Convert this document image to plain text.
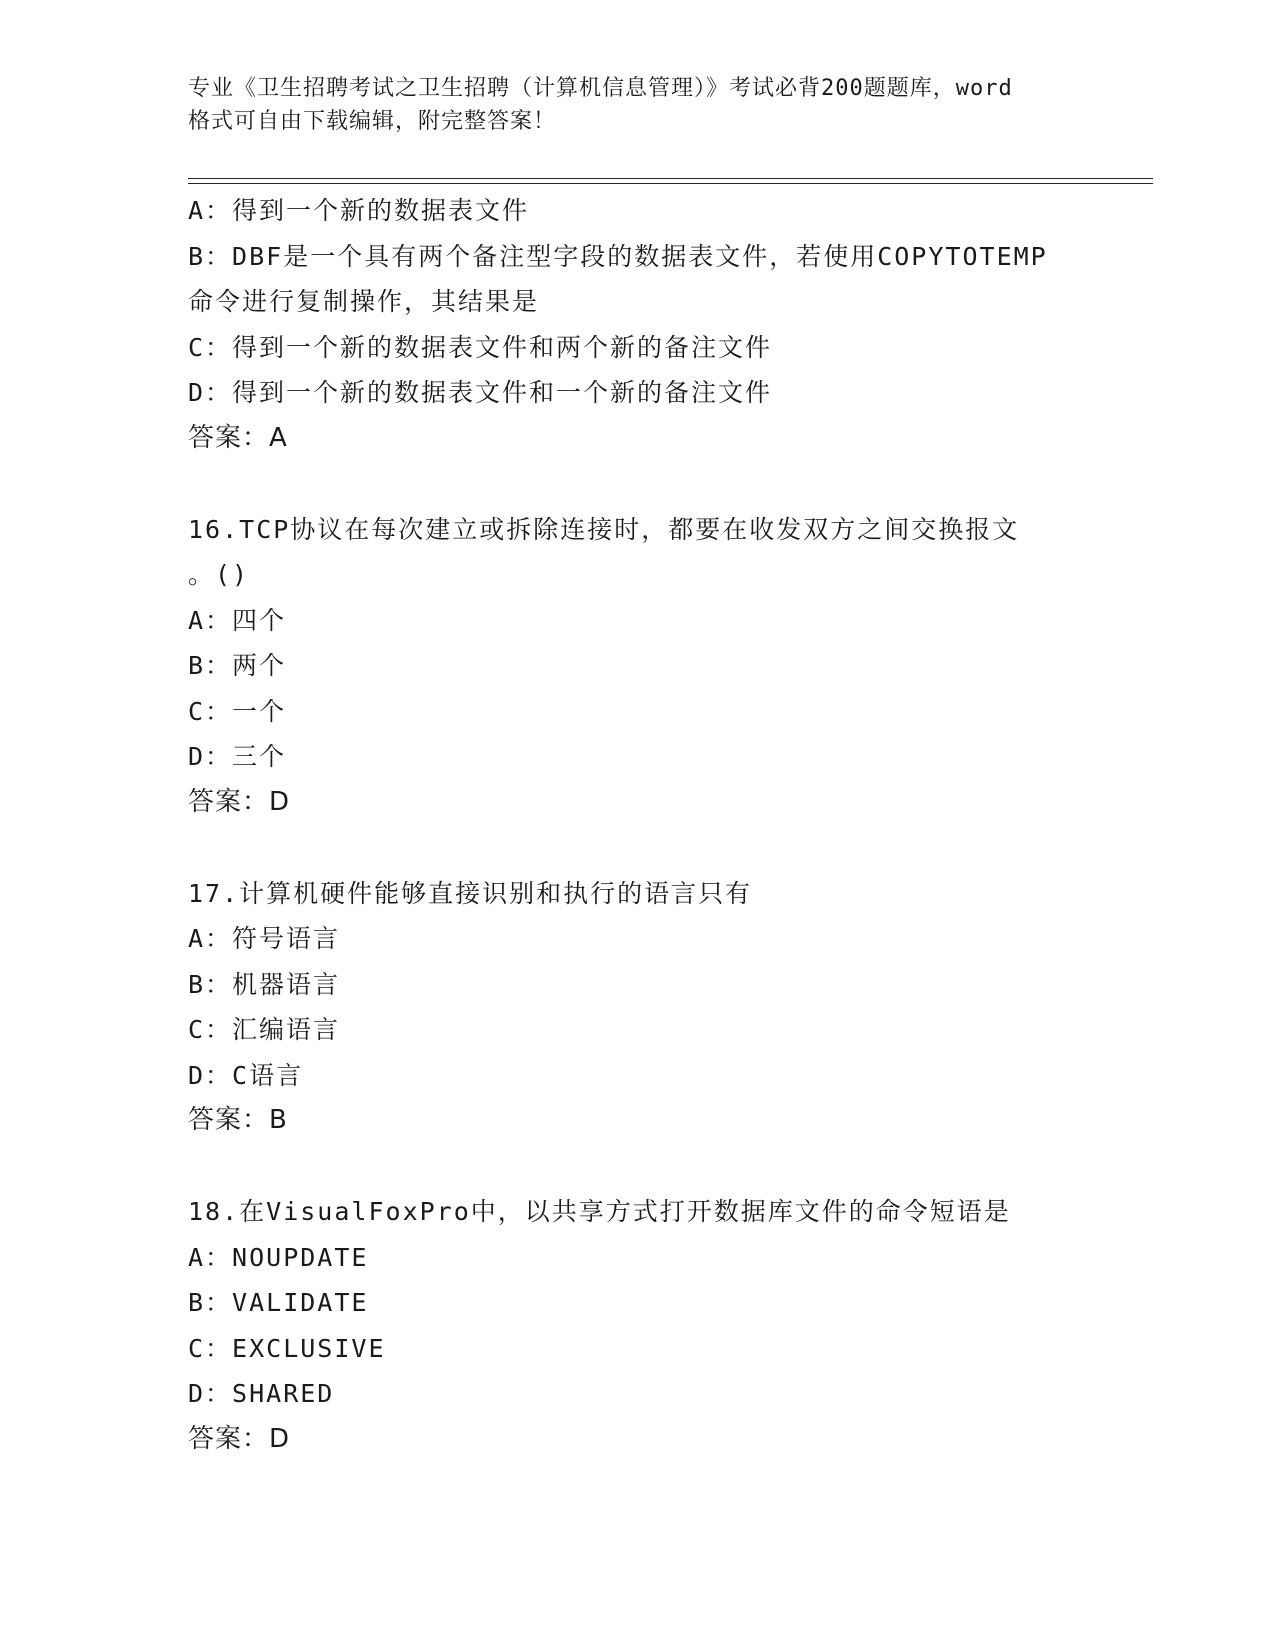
专业《卫生招聘考试之卫生招聘（计算机信息管理）》考试必背200题题库，word
格式可自由下载编辑，附完整答案！
A：得到一个新的数据表文件
B：DBF是一个具有两个备注型字段的数据表文件，若使用COPYTOTEMP
命令进行复制操作，其结果是
C：得到一个新的数据表文件和两个新的备注文件
D：得到一个新的数据表文件和一个新的备注文件
答案：A
16.TCP协议在每次建立或拆除连接时，都要在收发双方之间交换报文
。()
A：四个
B：两个
C：一个
D：三个
答案：D
17.计算机硬件能够直接识别和执行的语言只有
A：符号语言
B：机器语言
C：汇编语言
D：C语言
答案：B
18.在VisualFoxPro中，以共享方式打开数据库文件的命令短语是
A：NOUPDATE
B：VALIDATE
C：EXCLUSIVE
D：SHARED
答案：D
